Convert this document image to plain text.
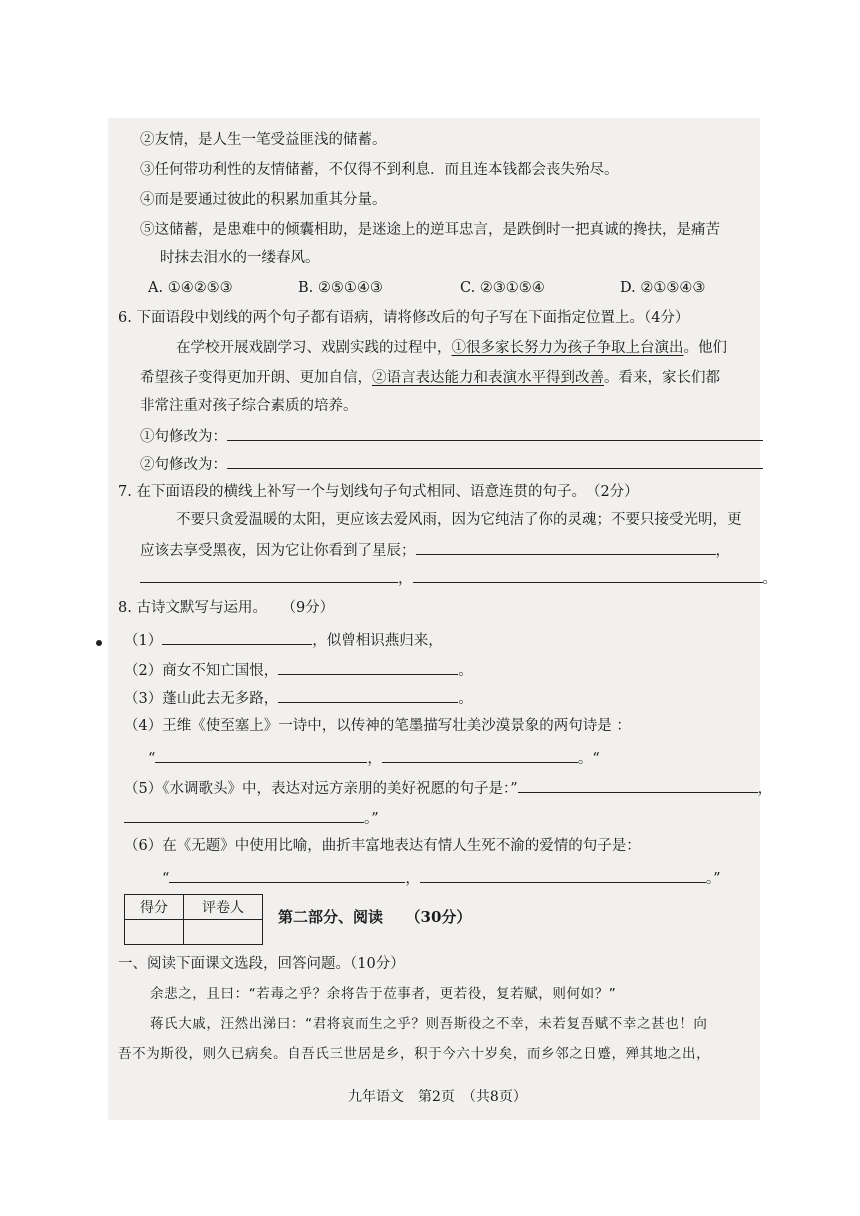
②友情，是人生一笔受益匪浅的储蓄。
③任何带功利性的友情储蓄，不仅得不到利息．而且连本钱都会丧失殆尽。
④而是要通过彼此的积累加重其分量。
⑤这储蓄，是患难中的倾囊相助，是迷途上的逆耳忠言，是跌倒时一把真诚的搀扶，是痛苦
时抹去泪水的一缕春风。
A. ①④②⑤③	B. ②⑤①④③	C. ②③①⑤④	D. ②①⑤④③
6. 下面语段中划线的两个句子都有语病，请将修改后的句子写在下面指定位置上。（4分）
在学校开展戏剧学习、戏剧实践的过程中，①很多家长努力为孩子争取上台演出。他们
希望孩子变得更加开朗、更加自信，②语言表达能力和表演水平得到改善。看来，家长们都
非常注重对孩子综合素质的培养。
①句修改为：
②句修改为：
7. 在下面语段的横线上补写一个与划线句子句式相同、语意连贯的句子。　（2分）
不要只贪爱温暖的太阳，更应该去爱风雨，因为它纯洁了你的灵魂；不要只接受光明，更
应该去享受黑夜，因为它让你看到了星辰；	，
，	。
8. 古诗文默写与运用。　　（9分）
（1）	，似曾相识燕归来，
（2）商女不知亡国恨，	。
（3）蓬山此去无多路，	。
（4）王维《使至塞上》一诗中，以传神的笔墨描写壮美沙漠景象的两句诗是 ：
“	，	。“
（5）《水调歌头》中，表达对远方亲朋的美好祝愿的句子是：”	，
。”
（6）在《无题》中使用比喻，曲折丰富地表达有情人生死不渝的爱情的句子是：
“	，	。”
得分	评卷人
	第二部分、阅读　　（30分）
一、阅读下面课文选段，回答问题。（10分）
余悲之，且曰：“若毒之乎？余将告于莅事者，更若役，复若赋，则何如？”
蒋氏大戚，汪然出涕曰：“君将哀而生之乎？则吾斯役之不幸，未若复吾赋不幸之甚也！向
吾不为斯役，则久已病矣。自吾氏三世居是乡，积于今六十岁矣，而乡邻之日蹙，殚其地之出，
九年语文　第2页　（共8页）
